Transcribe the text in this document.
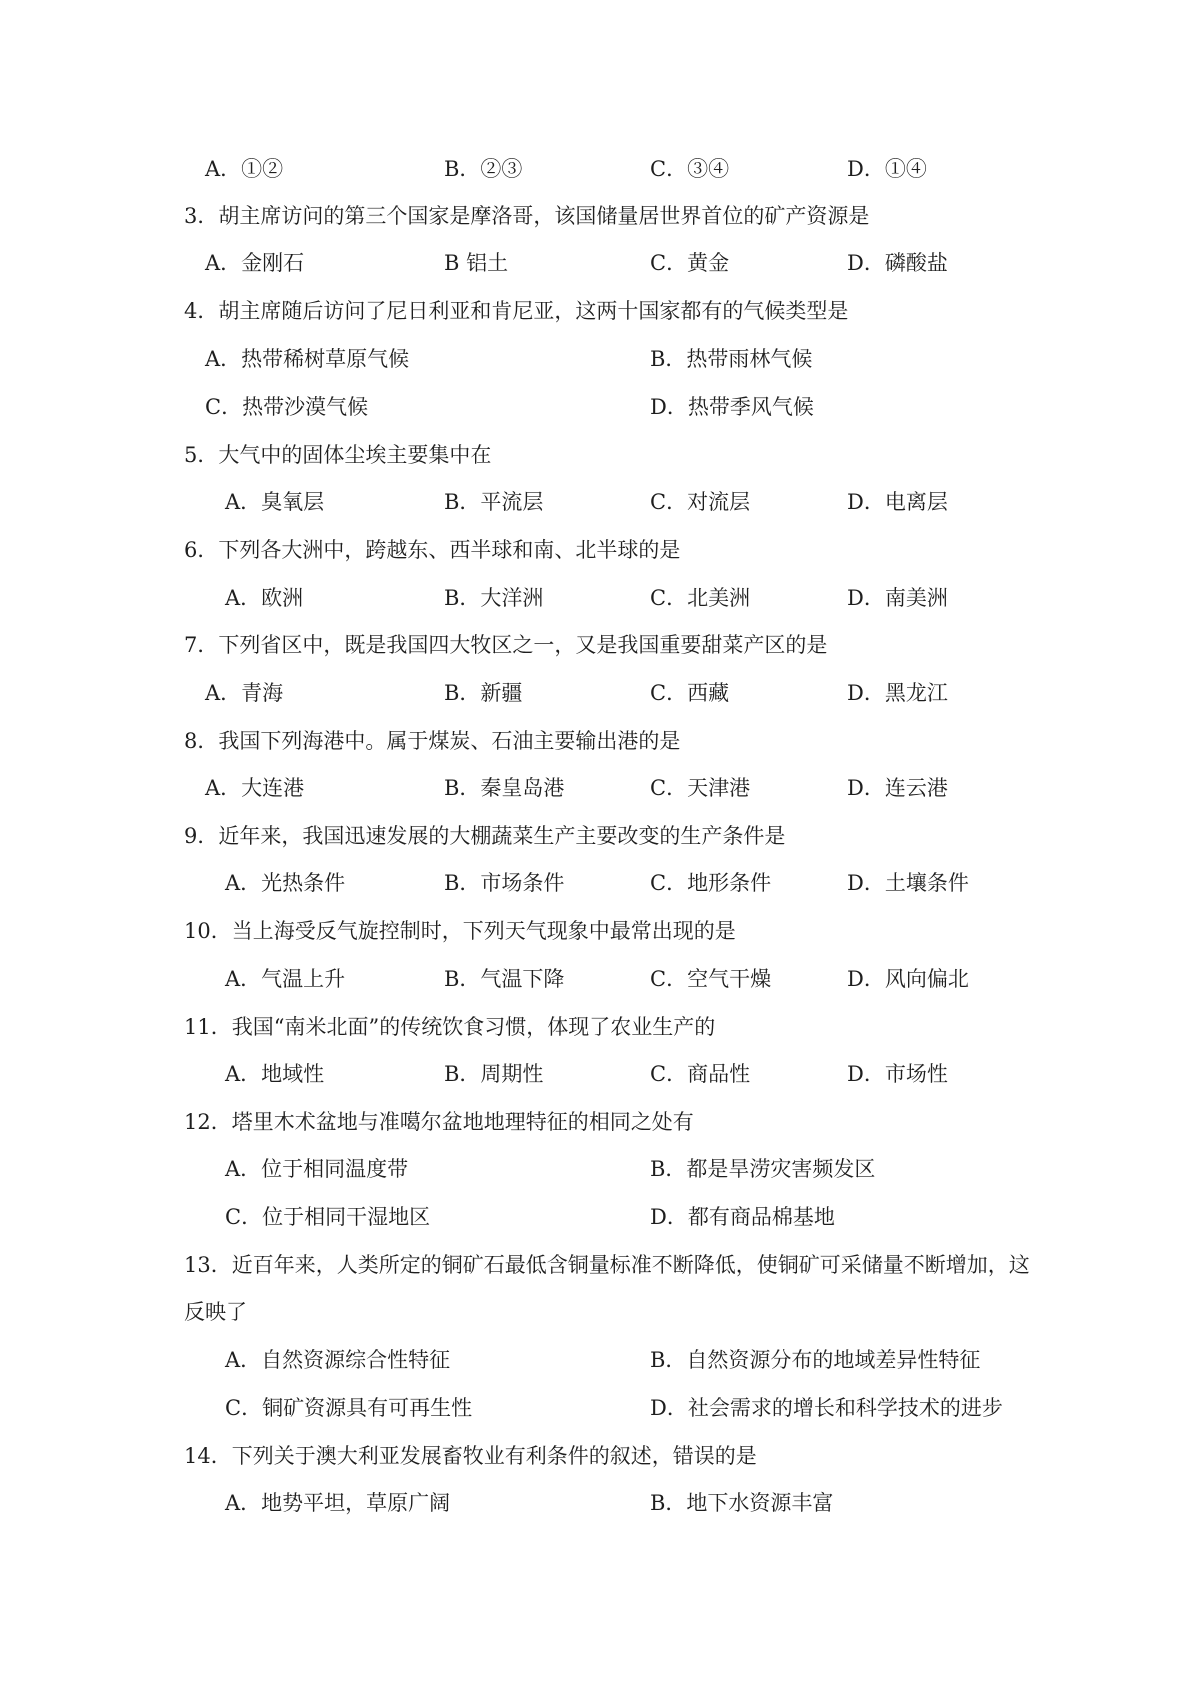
A．①②	B．②③	C．③④	D．①④
3．胡主席访问的第三个国家是摩洛哥，该国储量居世界首位的矿产资源是
A．金刚石	B 铝土	C．黄金	D．磷酸盐
4．胡主席随后访问了尼日利亚和肯尼亚，这两十国家都有的气候类型是
A．热带稀树草原气候	B．热带雨林气候
C．热带沙漠气候	D．热带季风气候
5．大气中的固体尘埃主要集中在
A．臭氧层	B．平流层	C．对流层	D．电离层
6．下列各大洲中，跨越东、西半球和南、北半球的是
A．欧洲	B．大洋洲	C．北美洲	D．南美洲
7．下列省区中，既是我国四大牧区之一，又是我国重要甜菜产区的是
A．青海	B．新疆	C．西藏	D．黑龙江
8．我国下列海港中。属于煤炭、石油主要输出港的是
A．大连港	B．秦皇岛港	C．天津港	D．连云港
9．近年来，我国迅速发展的大棚蔬菜生产主要改变的生产条件是
A．光热条件	B．市场条件	C．地形条件	D．土壤条件
10．当上海受反气旋控制时，下列天气现象中最常出现的是
A．气温上升	B．气温下降	C．空气干燥	D．风向偏北
11．我国“南米北面”的传统饮食习惯，体现了农业生产的
A．地域性	B．周期性	C．商品性	D．市场性
12．塔里木术盆地与准噶尔盆地地理特征的相同之处有
A．位于相同温度带	B．都是旱涝灾害频发区
C．位于相同干湿地区	D．都有商品棉基地
13．近百年来，人类所定的铜矿石最低含铜量标准不断降低，使铜矿可采储量不断增加，这
反映了
A．自然资源综合性特征	B．自然资源分布的地域差异性特征
C．铜矿资源具有可再生性	D．社会需求的增长和科学技术的进步
14．下列关于澳大利亚发展畜牧业有利条件的叙述，错误的是
A．地势平坦，草原广阔	B．地下水资源丰富
